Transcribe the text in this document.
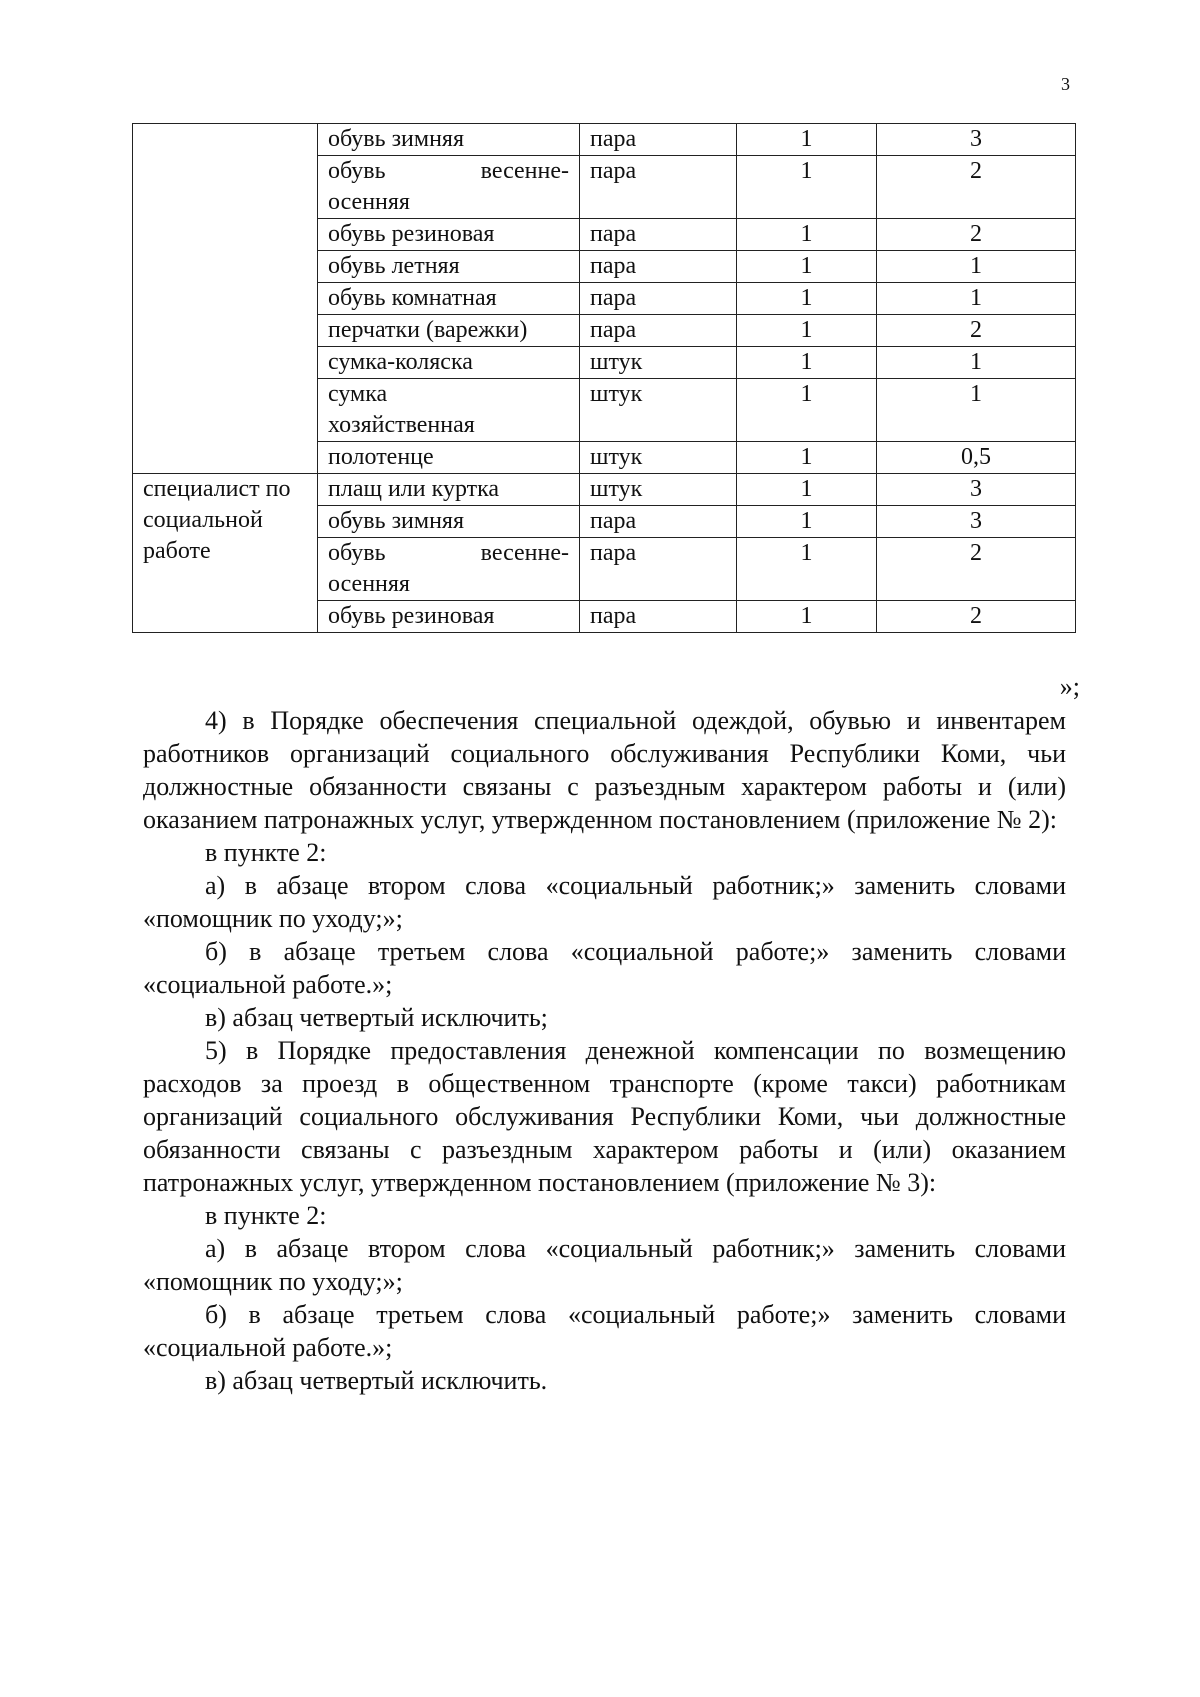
3
	обувь зимняя	пара	1	3
	обувь весенне-
осенняя	пара	1	2
	обувь резиновая	пара	1	2
	обувь летняя	пара	1	1
	обувь комнатная	пара	1	1
	перчатки (варежки)	пара	1	2
	сумка-коляска	штук	1	1
	сумка
хозяйственная	штук	1	1
	полотенце	штук	1	0,5
специалист по социальной работе	плащ или куртка	штук	1	3
	обувь зимняя	пара	1	3
	обувь весенне-
осенняя	пара	1	2
	обувь резиновая	пара	1	2
»;

4) в Порядке обеспечения специальной одеждой, обувью и инвентарем работников организаций социального обслуживания Республики Коми, чьи должностные обязанности связаны с разъездным характером работы и (или) оказанием патронажных услуг, утвержденном постановлением (приложение № 2):

в пункте 2:

а) в абзаце втором слова «социальный работник;» заменить словами «помощник по уходу;»;

б) в абзаце третьем слова «социальной работе;» заменить словами «социальной работе.»;

в) абзац четвертый исключить;

5) в Порядке предоставления денежной компенсации по возмещению расходов за проезд в общественном транспорте (кроме такси) работникам организаций социального обслуживания Республики Коми, чьи должностные обязанности связаны с разъездным характером работы и (или) оказанием патронажных услуг, утвержденном постановлением (приложение № 3):

в пункте 2:

а) в абзаце втором слова «социальный работник;» заменить словами «помощник по уходу;»;

б) в абзаце третьем слова «социальный работе;» заменить словами «социальной работе.»;

в) абзац четвертый исключить.
